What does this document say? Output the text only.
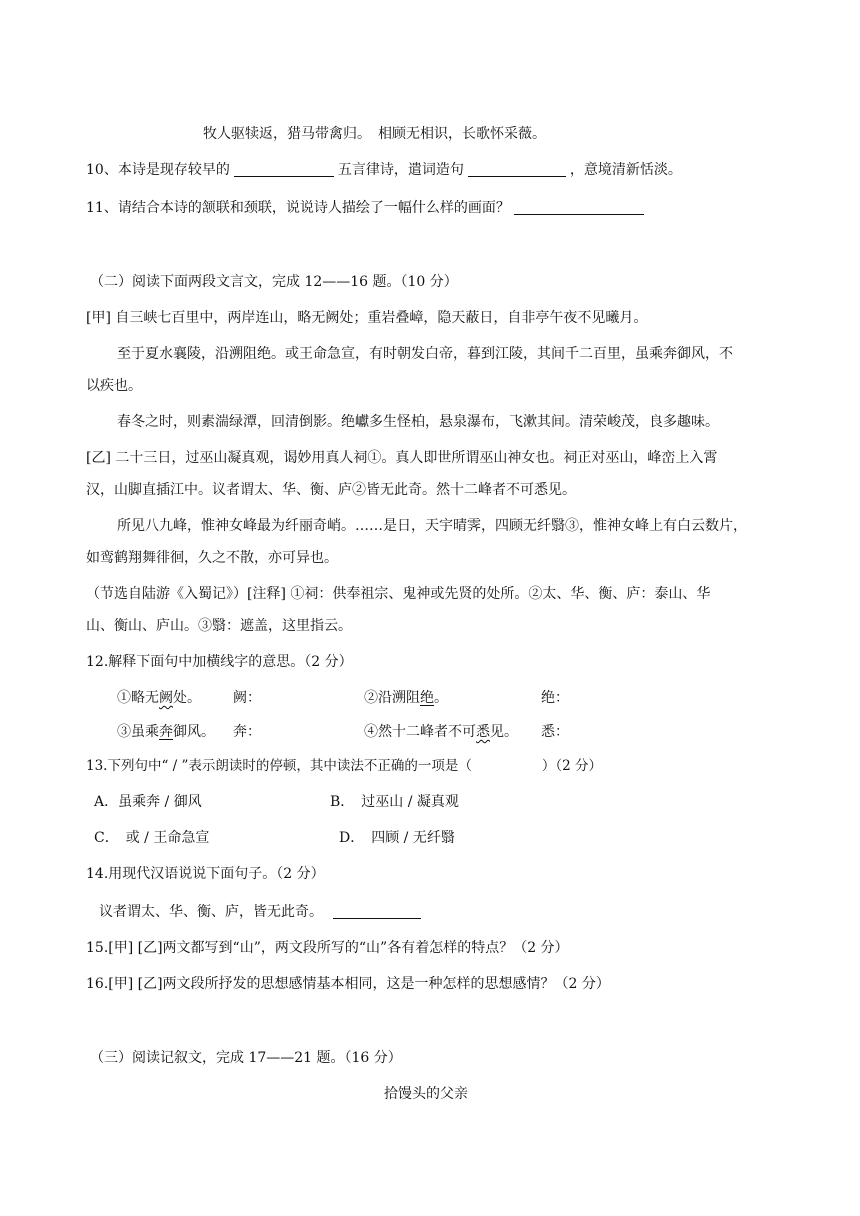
牧人驱犊返，猎马带禽归。　相顾无相识，长歌怀采薇。
10、本诗是现存较早的	五言律诗，遣词造句	，意境清新恬淡。
11、请结合本诗的颔联和颈联，说说诗人描绘了一幅什么样的画面？
（二）阅读下面两段文言文，完成 12——16 题。（10 分）
[甲] 自三峡七百里中，两岸连山，略无阙处；重岩叠嶂，隐天蔽日，自非亭午夜不见曦月。
至于夏水襄陵，沿溯阻绝。或王命急宣，有时朝发白帝，暮到江陵，其间千二百里，虽乘奔御风，不
以疾也。
春冬之时，则素湍绿潭，回清倒影。绝巘多生怪柏，悬泉瀑布，飞漱其间。清荣峻茂，良多趣味。
[乙] 二十三日，过巫山凝真观，谒妙用真人祠①。真人即世所谓巫山神女也。祠正对巫山，峰峦上入霄
汉，山脚直插江中。议者谓太、华、衡、庐②皆无此奇。然十二峰者不可悉见。
所见八九峰，惟神女峰最为纤丽奇峭。……是日，天宇晴霁，四顾无纤翳③，惟神女峰上有白云数片，
如鸾鹤翔舞徘徊，久之不散，亦可异也。
（节选自陆游《入蜀记》）[注释] ①祠：供奉祖宗、鬼神或先贤的处所。②太、华、衡、庐：泰山、华
山、衡山、庐山。③翳：遮盖，这里指云。
12.解释下面句中加横线字的意思。（2 分）
①略无阙处。 阙：	②沿溯阻绝。	绝：
③虽乘奔御风。 奔：	④然十二峰者不可悉见。 悉：
13.下列句中“ / ”表示朗读时的停顿，其中读法不正确的一项是（	）（2 分）
A．虽乘奔 / 御风	B．　过巫山 / 凝真观
C．　或 / 王命急宣	D．　四顾 / 无纤翳
14.用现代汉语说说下面句子。（2 分）
议者谓太、华、衡、庐，皆无此奇。
15.[甲] [乙]两文都写到“山”，两文段所写的“山”各有着怎样的特点？（2 分）
16.[甲] [乙]两文段所抒发的思想感情基本相同，这是一种怎样的思想感情？（2 分）
（三）阅读记叙文，完成 17——21 题。（16 分）
拾馒头的父亲
